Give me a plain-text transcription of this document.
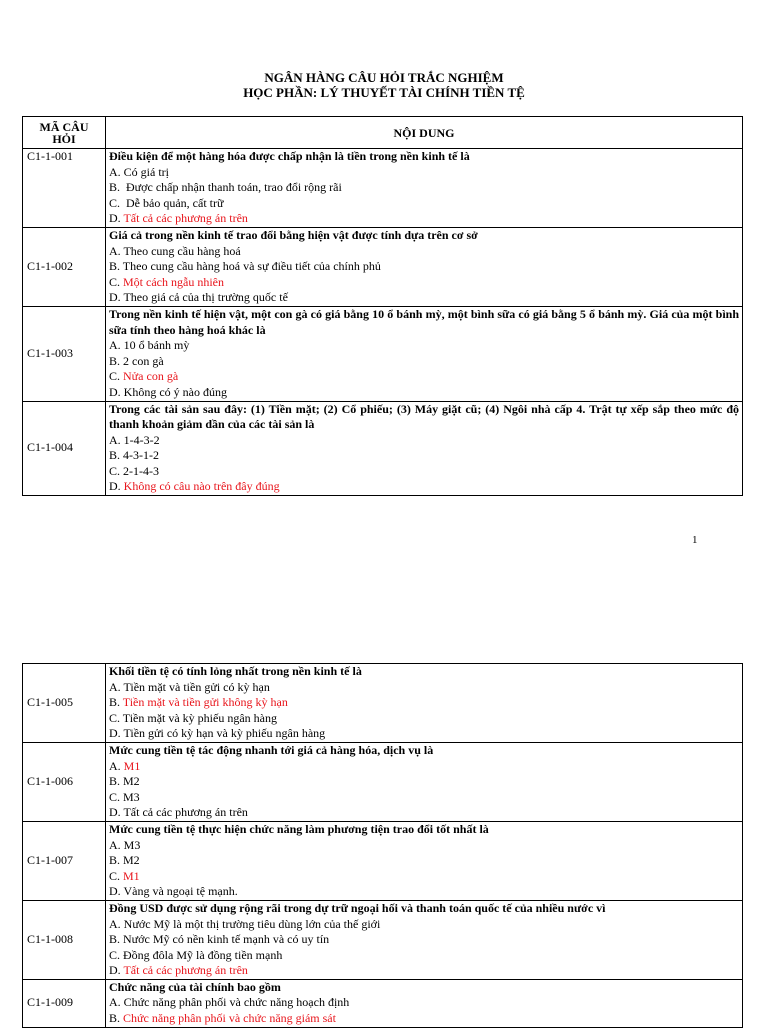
NGÂN HÀNG CÂU HỎI TRẮC NGHIỆM
HỌC PHẦN: LÝ THUYẾT TÀI CHÍNH TIỀN TỆ
MÃ CÂU
HỎI	NỘI DUNG
C1-1-001	Điều kiện để một hàng hóa được chấp nhận là tiền trong nền kinh tế là
A. Có giá trị
B.  Được chấp nhận thanh toán, trao đổi rộng rãi
C.  Dễ bảo quản, cất trữ
D. Tất cả các phương án trên

C1-1-002	Giá cả trong nền kinh tế trao đổi bằng hiện vật được tính dựa trên cơ sở
A. Theo cung cầu hàng hoá
B. Theo cung cầu hàng hoá và sự điều tiết của chính phủ
C. Một cách ngẫu nhiên
D. Theo giá cả của thị trường quốc tế

C1-1-003	Trong nền kinh tế hiện vật, một con gà có giá bằng 10 ổ bánh mỳ, một bình sữa có giá bằng 5 ổ bánh mỳ. Giá của một bình sữa tính theo hàng hoá khác là
A. 10 ổ bánh mỳ
B. 2 con gà
C. Nửa con gà
D. Không có ý nào đúng

C1-1-004	Trong các tài sản sau đây: (1) Tiền mặt; (2) Cổ phiếu; (3) Máy giặt cũ; (4) Ngôi nhà cấp 4. Trật tự xếp sắp theo mức độ thanh khoản giảm dần của các tài sản là
A. 1-4-3-2
B. 4-3-1-2
C. 2-1-4-3
D. Không có câu nào trên đây đúng
1
C1-1-005	Khối tiền tệ có tính lỏng nhất trong nền kinh tế là
A. Tiền mặt và tiền gửi có kỳ hạn
B. Tiền mặt và tiền gửi không kỳ hạn
C. Tiền mặt và kỳ phiếu ngân hàng
D. Tiền gửi có kỳ hạn và kỳ phiếu ngân hàng

C1-1-006	Mức cung tiền tệ tác động nhanh tới giá cả hàng hóa, dịch vụ là
A. M1
B. M2
C. M3
D. Tất cả các phương án trên

C1-1-007	Mức cung tiền tệ thực hiện chức năng làm phương tiện trao đổi tốt nhất là
A. M3
B. M2
C. M1
D. Vàng và ngoại tệ mạnh.

C1-1-008	Đồng USD được sử dụng rộng rãi trong dự trữ ngoại hối và thanh toán quốc tế của nhiều nước vì
A. Nước Mỹ là một thị trường tiêu dùng lớn của thế giới
B. Nước Mỹ có nền kinh tế mạnh và có uy tín
C. Đồng đôla Mỹ là đồng tiền mạnh
D. Tất cả các phương án trên

C1-1-009	Chức năng của tài chính bao gồm
A. Chức năng phân phối và chức năng hoạch định
B. Chức năng phân phối và chức năng giám sát
